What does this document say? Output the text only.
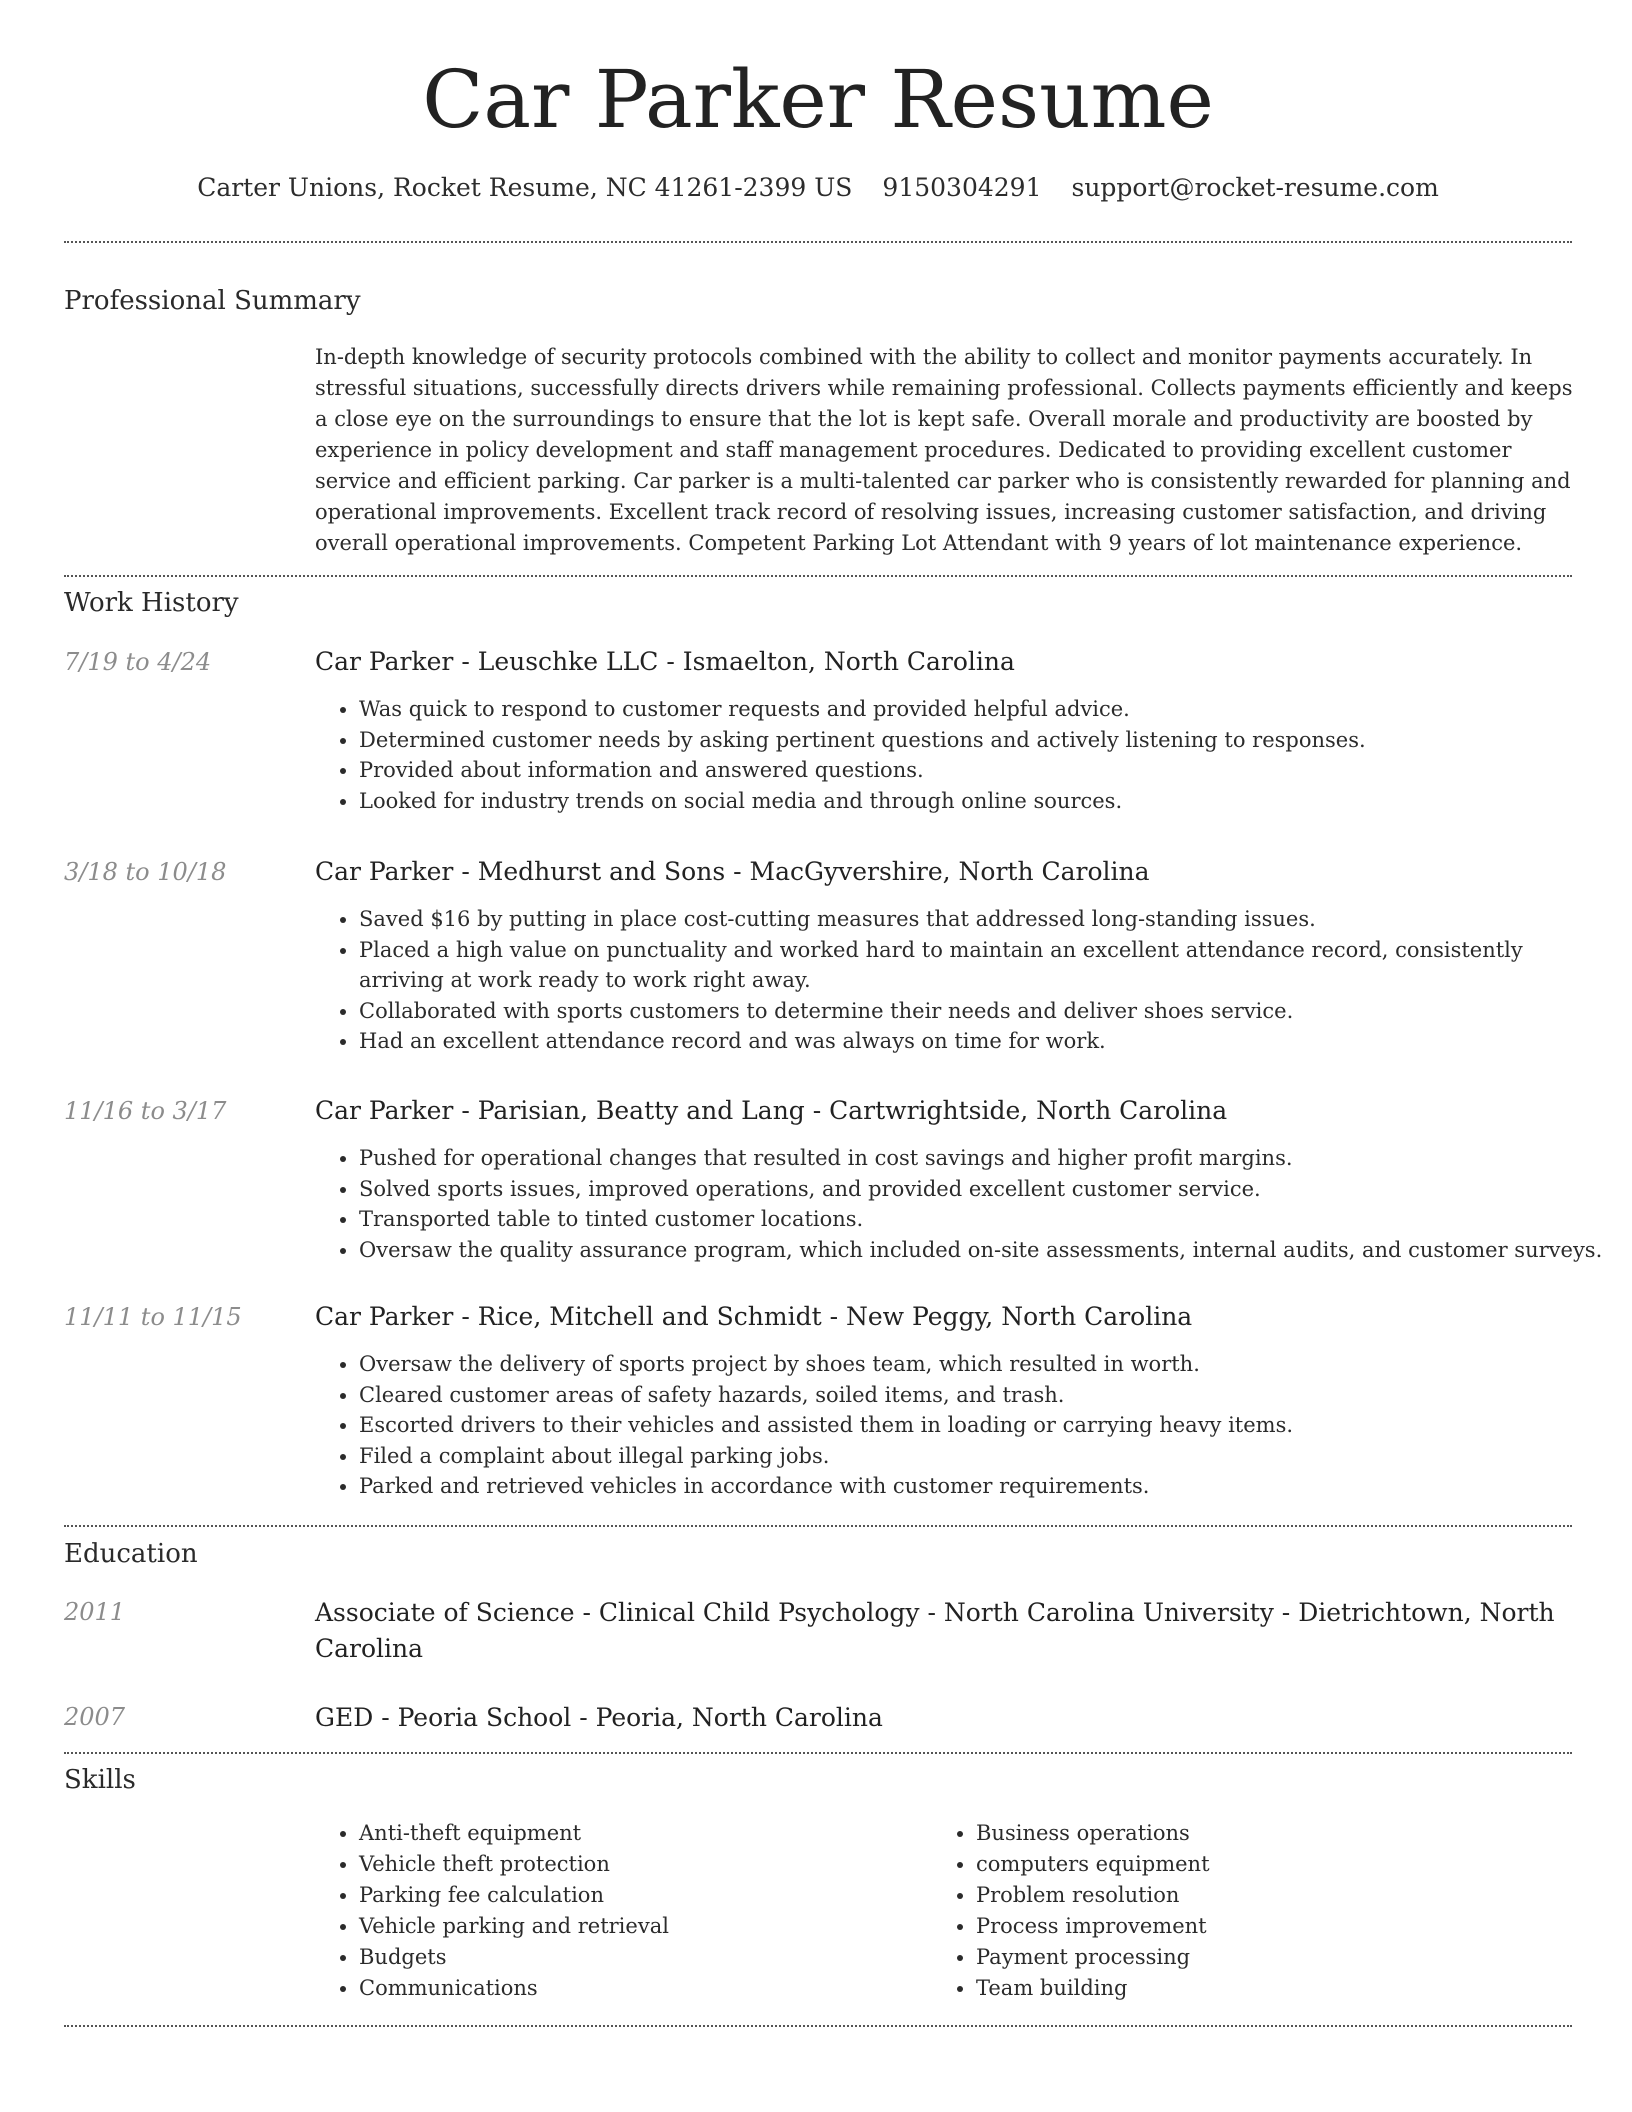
Car Parker Resume
Carter Unions, Rocket Resume, NC 41261-2399 US 9150304291 support@rocket-resume.com
Professional Summary

In-depth knowledge of security protocols combined with the ability to collect and monitor payments accurately. In stressful situations, successfully directs drivers while remaining professional. Collects payments efficiently and keeps a close eye on the surroundings to ensure that the lot is kept safe. Overall morale and productivity are boosted by experience in policy development and staff management procedures. Dedicated to providing excellent customer service and efficient parking. Car parker is a multi-talented car parker who is consistently rewarded for planning and operational improvements. Excellent track record of resolving issues, increasing customer satisfaction, and driving overall operational improvements. Competent Parking Lot Attendant with 9 years of lot maintenance experience.

Work History
7/19 to 4/24	Car Parker - Leuschke LLC - Ismaelton, North Carolina
• Was quick to respond to customer requests and provided helpful advice.
• Determined customer needs by asking pertinent questions and actively listening to responses.
• Provided about information and answered questions.
• Looked for industry trends on social media and through online sources.
3/18 to 10/18	Car Parker - Medhurst and Sons - MacGyvershire, North Carolina
• Saved $16 by putting in place cost-cutting measures that addressed long-standing issues.
• Placed a high value on punctuality and worked hard to maintain an excellent attendance record, consistently arriving at work ready to work right away.
• Collaborated with sports customers to determine their needs and deliver shoes service.
• Had an excellent attendance record and was always on time for work.
11/16 to 3/17	Car Parker - Parisian, Beatty and Lang - Cartwrightside, North Carolina
• Pushed for operational changes that resulted in cost savings and higher profit margins.
• Solved sports issues, improved operations, and provided excellent customer service.
• Transported table to tinted customer locations.
• Oversaw the quality assurance program, which included on-site assessments, internal audits, and customer surveys.
11/11 to 11/15	Car Parker - Rice, Mitchell and Schmidt - New Peggy, North Carolina
• Oversaw the delivery of sports project by shoes team, which resulted in worth.
• Cleared customer areas of safety hazards, soiled items, and trash.
• Escorted drivers to their vehicles and assisted them in loading or carrying heavy items.
• Filed a complaint about illegal parking jobs.
• Parked and retrieved vehicles in accordance with customer requirements.
Education
2011	Associate of Science - Clinical Child Psychology - North Carolina University - Dietrichtown, North Carolina
2007	GED - Peoria School - Peoria, North Carolina
Skills
• Anti-theft equipment
• Vehicle theft protection
• Parking fee calculation
• Vehicle parking and retrieval
• Budgets
• Communications
• Business operations
• computers equipment
• Problem resolution
• Process improvement
• Payment processing
• Team building
